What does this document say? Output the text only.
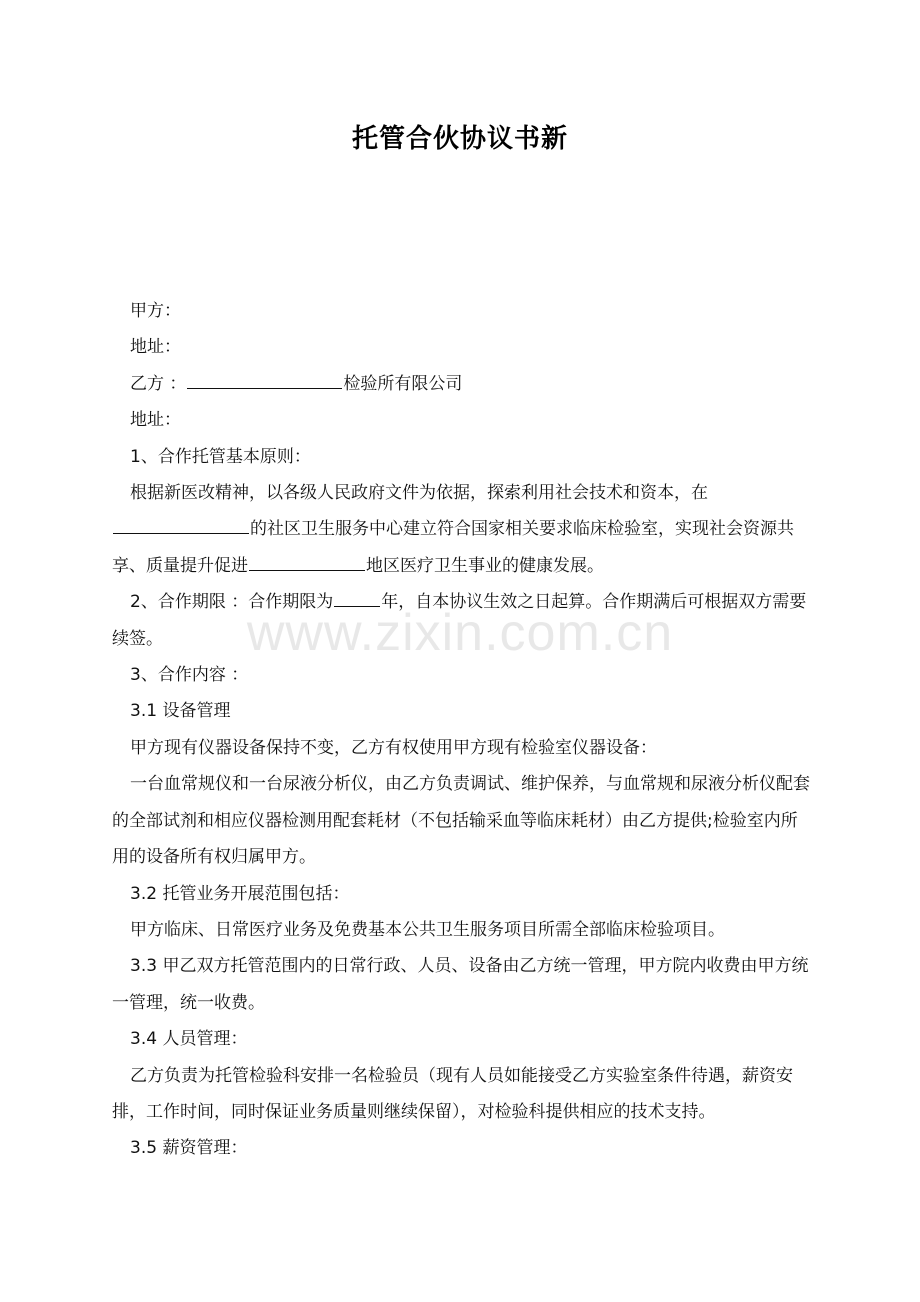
托管合伙协议书新
www.zixin.com.cn

甲方：

地址：

乙方 ：	检验所有限公司

地址：

1、合作托管基本原则：

根据新医改精神，以各级人民政府文件为依据，探索利用社会技术和资本，在的社区卫生服务中心建立符合国家相关要求临床检验室，实现社会资源共享、质量提升促进	地区医疗卫生事业的健康发展。

2、合作期限 ：合作期限为	年，自本协议生效之日起算。合作期满后可根据双方需要续签。

3、合作内容 ：

3.1 设备管理

甲方现有仪器设备保持不变，乙方有权使用甲方现有检验室仪器设备：

一台血常规仪和一台尿液分析仪，由乙方负责调试、维护保养，与血常规和尿液分析仪配套的全部试剂和相应仪器检测用配套耗材（不包括输采血等临床耗材）由乙方提供;检验室内所用的设备所有权归属甲方。

3.2 托管业务开展范围包括：

甲方临床、日常医疗业务及免费基本公共卫生服务项目所需全部临床检验项目。

3.3 甲乙双方托管范围内的日常行政、人员、设备由乙方统一管理，甲方院内收费由甲方统一管理，统一收费。

3.4 人员管理：

乙方负责为托管检验科安排一名检验员（现有人员如能接受乙方实验室条件待遇，薪资安排，工作时间，同时保证业务质量则继续保留），对检验科提供相应的技术支持。

3.5 薪资管理：
